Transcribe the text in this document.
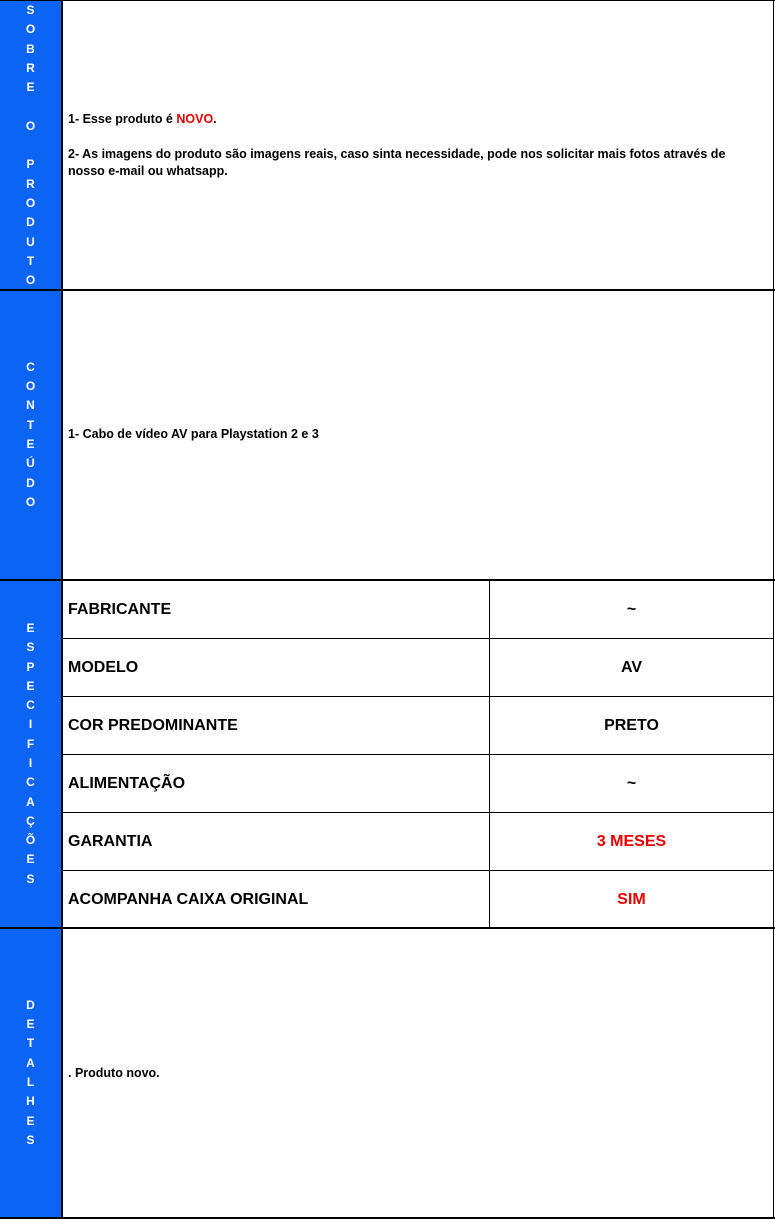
S
O
B
R
E

O

P
R
O
D
U
T
O
1- Esse produto é NOVO.
2- As imagens do produto são imagens reais, caso sinta necessidade, pode nos solicitar mais fotos através de nosso e-mail ou whatsapp.
C
O
N
T
E
Ú
D
O
1- Cabo de vídeo AV para Playstation 2 e 3
E
S
P
E
C
I
F
I
C
A
Ç
Õ
E
S
FABRICANTE	~
MODELO	AV
COR PREDOMINANTE	PRETO
ALIMENTAÇÃO	~
GARANTIA	3 MESES
ACOMPANHA CAIXA ORIGINAL	SIM
D
E
T
A
L
H
E
S
. Produto novo.
